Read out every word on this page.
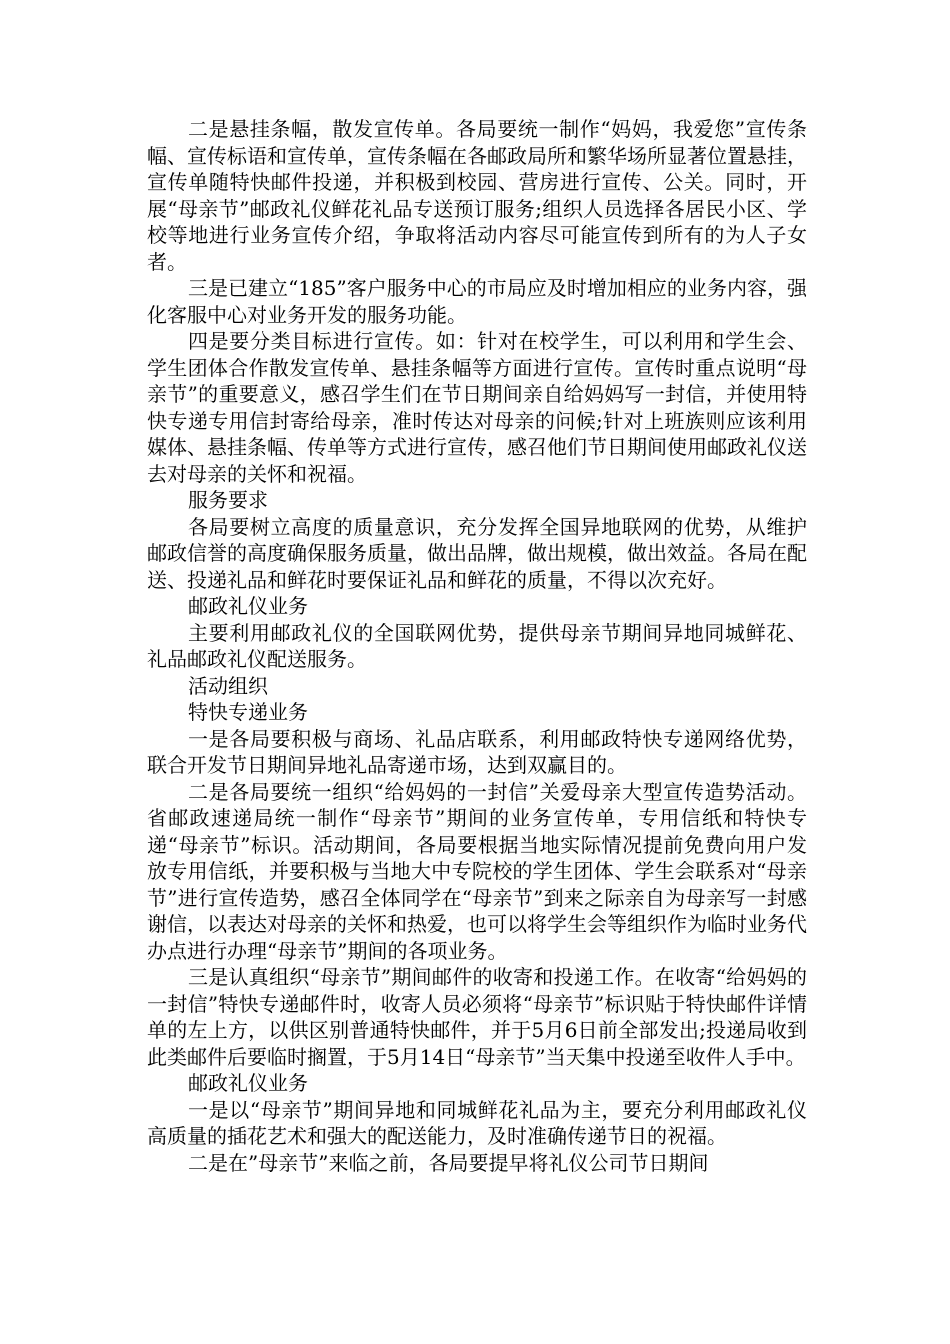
二是悬挂条幅，散发宣传单。各局要统一制作“妈妈，我爱您”宣传条幅、宣传标语和宣传单，宣传条幅在各邮政局所和繁华场所显著位置悬挂，宣传单随特快邮件投递，并积极到校园、营房进行宣传、公关。同时，开展“母亲节”邮政礼仪鲜花礼品专送预订服务;组织人员选择各居民小区、学校等地进行业务宣传介绍，争取将活动内容尽可能宣传到所有的为人子女者。

三是已建立“185”客户服务中心的市局应及时增加相应的业务内容，强化客服中心对业务开发的服务功能。

四是要分类目标进行宣传。如：针对在校学生，可以利用和学生会、学生团体合作散发宣传单、悬挂条幅等方面进行宣传。宣传时重点说明“母亲节”的重要意义，感召学生们在节日期间亲自给妈妈写一封信，并使用特快专递专用信封寄给母亲，准时传达对母亲的问候;针对上班族则应该利用媒体、悬挂条幅、传单等方式进行宣传，感召他们节日期间使用邮政礼仪送去对母亲的关怀和祝福。

服务要求

各局要树立高度的质量意识，充分发挥全国异地联网的优势，从维护邮政信誉的高度确保服务质量，做出品牌，做出规模，做出效益。各局在配送、投递礼品和鲜花时要保证礼品和鲜花的质量，不得以次充好。

邮政礼仪业务

主要利用邮政礼仪的全国联网优势，提供母亲节期间异地同城鲜花、礼品邮政礼仪配送服务。

活动组织

特快专递业务

一是各局要积极与商场、礼品店联系，利用邮政特快专递网络优势，联合开发节日期间异地礼品寄递市场，达到双赢目的。

二是各局要统一组织“给妈妈的一封信”关爱母亲大型宣传造势活动。省邮政速递局统一制作“母亲节”期间的业务宣传单，专用信纸和特快专递“母亲节”标识。活动期间，各局要根据当地实际情况提前免费向用户发放专用信纸，并要积极与当地大中专院校的学生团体、学生会联系对“母亲节”进行宣传造势，感召全体同学在“母亲节”到来之际亲自为母亲写一封感谢信，以表达对母亲的关怀和热爱，也可以将学生会等组织作为临时业务代办点进行办理“母亲节”期间的各项业务。

三是认真组织“母亲节”期间邮件的收寄和投递工作。在收寄“给妈妈的一封信”特快专递邮件时，收寄人员必须将“母亲节”标识贴于特快邮件详情单的左上方，以供区别普通特快邮件，并于5月6日前全部发出;投递局收到此类邮件后要临时搁置，于5月14日“母亲节”当天集中投递至收件人手中。

邮政礼仪业务

一是以“母亲节”期间异地和同城鲜花礼品为主，要充分利用邮政礼仪高质量的插花艺术和强大的配送能力，及时准确传递节日的祝福。

二是在”母亲节”来临之前，各局要提早将礼仪公司节日期间
